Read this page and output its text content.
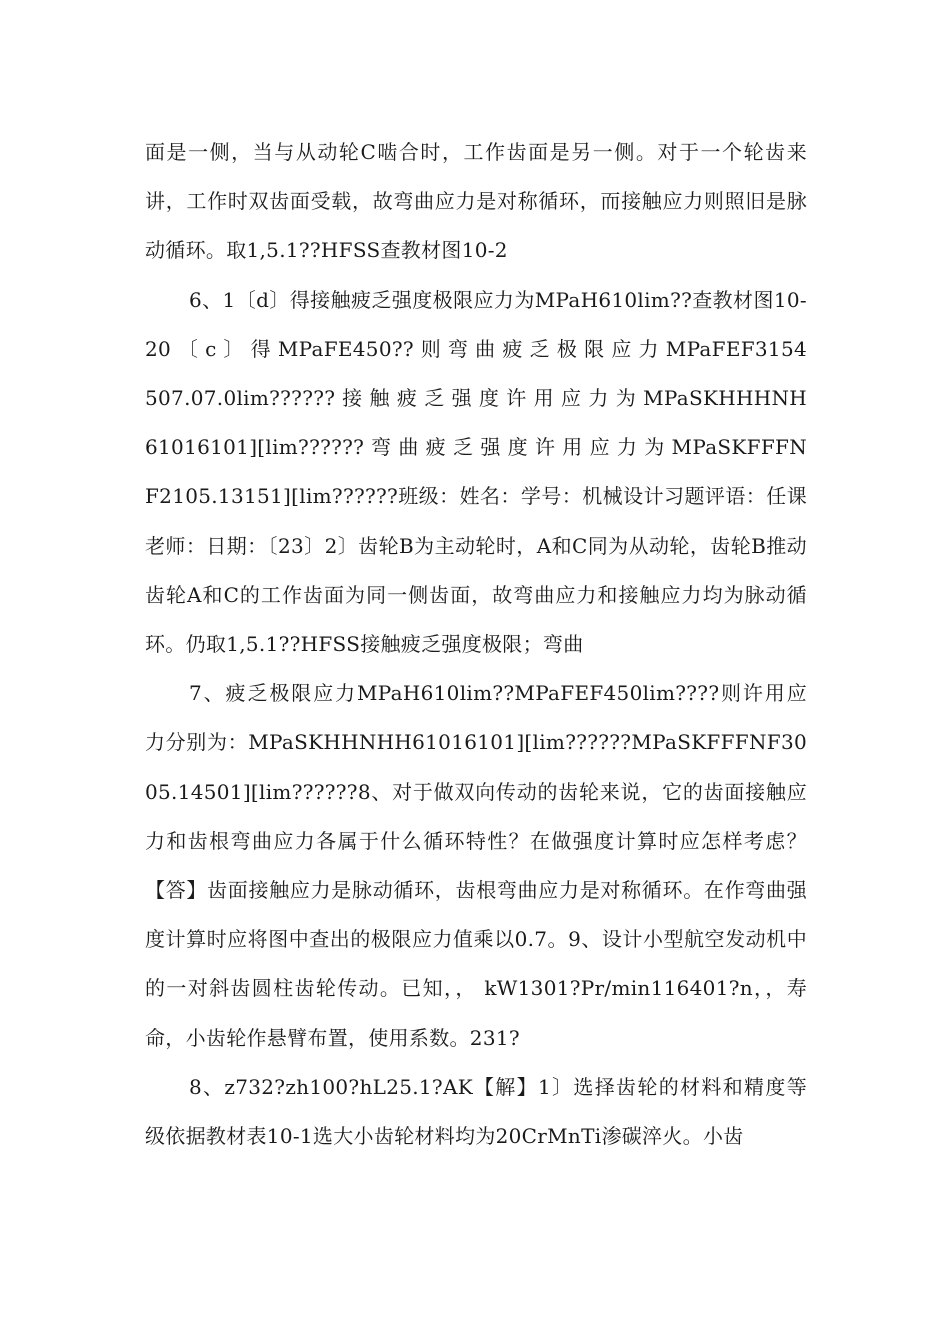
面是一侧，当与从动轮C啮合时，工作齿面是另一侧。对于一个轮齿来讲，工作时双齿面受载，故弯曲应力是对称循环，而接触应力则照旧是脉动循环。取1,5.1??HFSS查教材图10-2

6、1〔d〕得接触疲乏强度极限应力为MPaH610lim??查教材图10-20 〔 c 〕 得 MPaFE450?? 则 弯 曲 疲 乏 极 限 应 力 MPaFEF3154507.07.0lim?????? 接 触 疲 乏 强 度 许 用 应 力 为 MPaSKHHHNH61016101][lim?????? 弯 曲 疲 乏 强 度 许 用 应 力 为 MPaSKFFFNF2105.13151][lim??????班级：姓名：学号：机械设计习题评语：任课老师：日期：〔23〕2〕齿轮B为主动轮时，A和C同为从动轮，齿轮B推动齿轮A和C的工作齿面为同一侧齿面，故弯曲应力和接触应力均为脉动循环。仍取1,5.1??HFSS接触疲乏强度极限；弯曲

7、疲乏极限应力MPaH610lim??MPaFEF450lim????则许用应力分别为：MPaSKHHNHH61016101][lim??????MPaSKFFFNF3005.14501][lim??????8、对于做双向传动的齿轮来说，它的齿面接触应力和齿根弯曲应力各属于什么循环特性？在做强度计算时应怎样考虑？【答】齿面接触应力是脉动循环，齿根弯曲应力是对称循环。在作弯曲强度计算时应将图中查出的极限应力值乘以0.7。9、设计小型航空发动机中的一对斜齿圆柱齿轮传动。已知，， kW1301?Pr/min116401?n，，寿命，小齿轮作悬臂布置，使用系数。231?

8、z732?zh100?hL25.1?AK【解】1〕选择齿轮的材料和精度等级依据教材表10-1选大小齿轮材料均为20CrMnTi渗碳淬火。小齿
